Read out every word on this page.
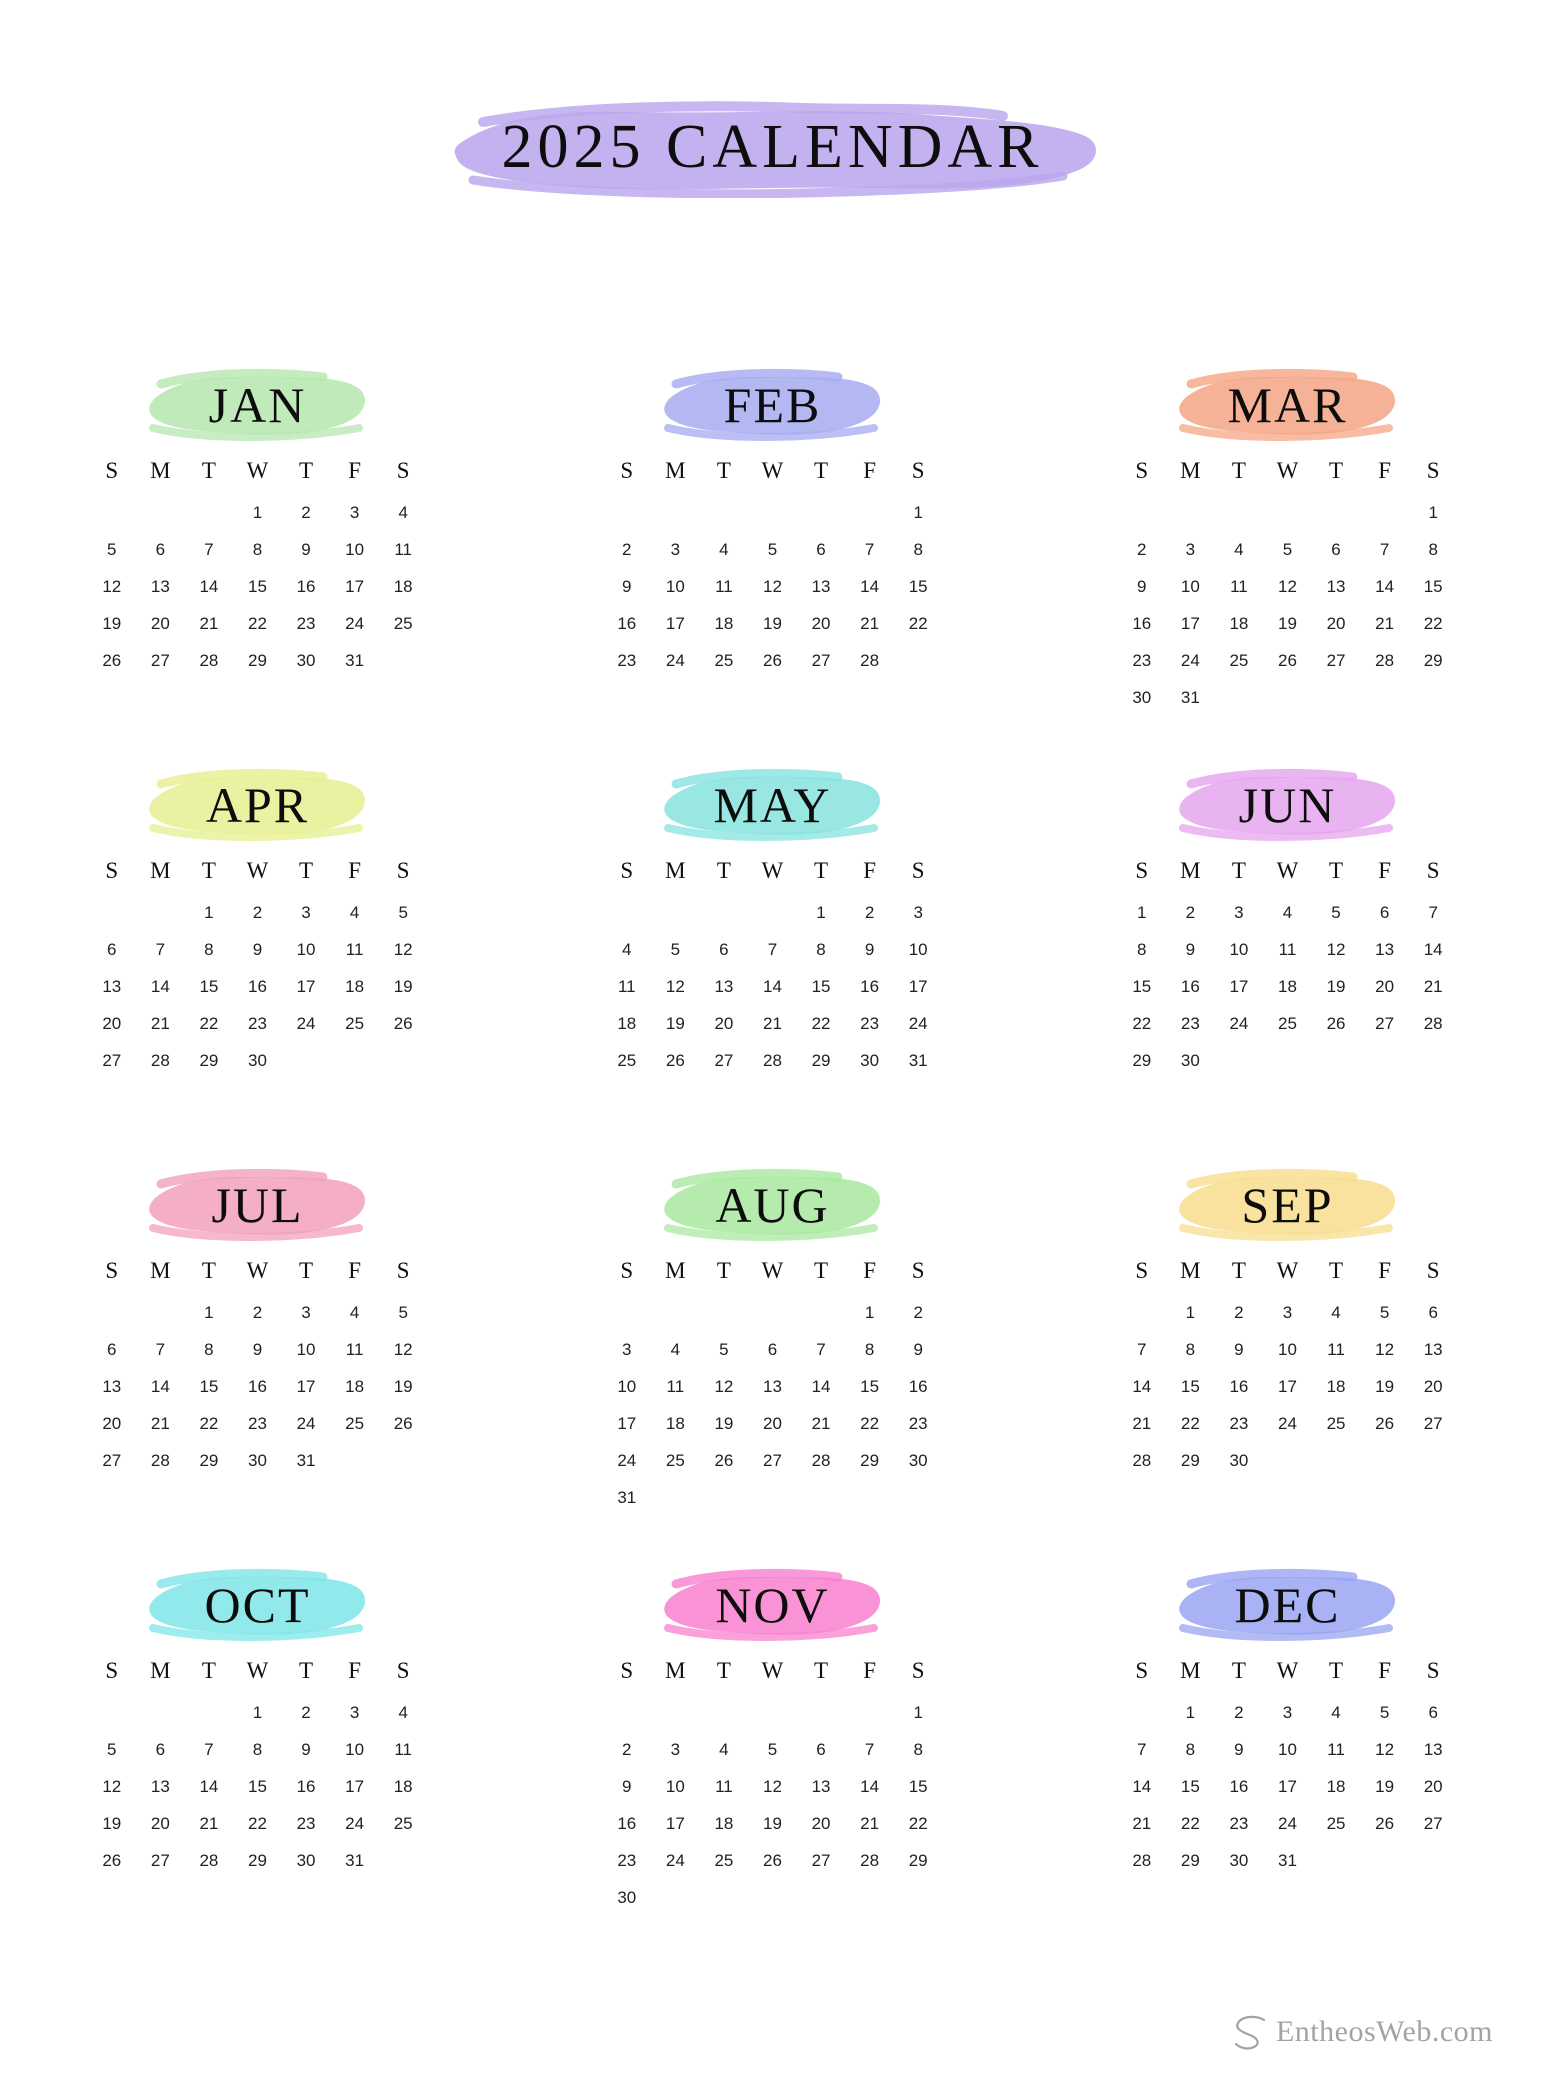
2025 CALENDAR
JAN
S	M	T	W	T	F	S
			1	2	3	4
5	6	7	8	9	10	11
12	13	14	15	16	17	18
19	20	21	22	23	24	25
26	27	28	29	30	31	
FEB
S	M	T	W	T	F	S
						1
2	3	4	5	6	7	8
9	10	11	12	13	14	15
16	17	18	19	20	21	22
23	24	25	26	27	28	
MAR
S	M	T	W	T	F	S
						1
2	3	4	5	6	7	8
9	10	11	12	13	14	15
16	17	18	19	20	21	22
23	24	25	26	27	28	29
30	31					
APR
S	M	T	W	T	F	S
		1	2	3	4	5
6	7	8	9	10	11	12
13	14	15	16	17	18	19
20	21	22	23	24	25	26
27	28	29	30			
MAY
S	M	T	W	T	F	S
				1	2	3
4	5	6	7	8	9	10
11	12	13	14	15	16	17
18	19	20	21	22	23	24
25	26	27	28	29	30	31
JUN
S	M	T	W	T	F	S
1	2	3	4	5	6	7
8	9	10	11	12	13	14
15	16	17	18	19	20	21
22	23	24	25	26	27	28
29	30					
JUL
S	M	T	W	T	F	S
		1	2	3	4	5
6	7	8	9	10	11	12
13	14	15	16	17	18	19
20	21	22	23	24	25	26
27	28	29	30	31		
AUG
S	M	T	W	T	F	S
					1	2
3	4	5	6	7	8	9
10	11	12	13	14	15	16
17	18	19	20	21	22	23
24	25	26	27	28	29	30
31						
SEP
S	M	T	W	T	F	S
	1	2	3	4	5	6
7	8	9	10	11	12	13
14	15	16	17	18	19	20
21	22	23	24	25	26	27
28	29	30				
OCT
S	M	T	W	T	F	S
			1	2	3	4
5	6	7	8	9	10	11
12	13	14	15	16	17	18
19	20	21	22	23	24	25
26	27	28	29	30	31	
NOV
S	M	T	W	T	F	S
						1
2	3	4	5	6	7	8
9	10	11	12	13	14	15
16	17	18	19	20	21	22
23	24	25	26	27	28	29
30						
DEC
S	M	T	W	T	F	S
	1	2	3	4	5	6
7	8	9	10	11	12	13
14	15	16	17	18	19	20
21	22	23	24	25	26	27
28	29	30	31			
EntheosWeb.com
